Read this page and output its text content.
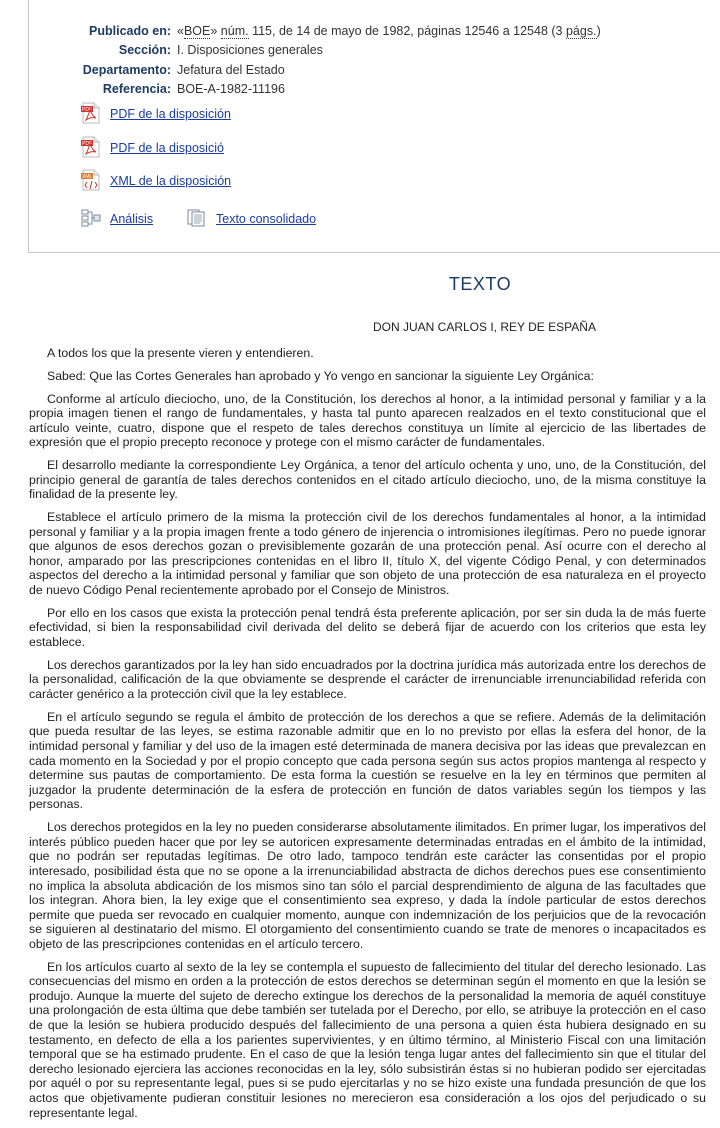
Publicado en: «BOE» núm. 115, de 14 de mayo de 1982, páginas 12546 a 12548 (3 págs.)
Sección: I. Disposiciones generales
Departamento: Jefatura del Estado
Referencia: BOE-A-1982-11196
PDF PDF de la disposición
PDF PDF de la disposició
XML XML de la disposición
Análisis	Texto consolidado
TEXTO
DON JUAN CARLOS I, REY DE ESPAÑA

A todos los que la presente vieren y entendieren.

Sabed: Que las Cortes Generales han aprobado y Yo vengo en sancionar la siguiente Ley Orgánica:

Conforme al artículo dieciocho, uno, de la Constitución, los derechos al honor, a la intimidad personal y familiar y a la propia imagen tienen el rango de fundamentales, y hasta tal punto aparecen realzados en el texto constitucional que el artículo veinte, cuatro, dispone que el respeto de tales derechos constituya un límite al ejercicio de las libertades de expresión que el propio precepto reconoce y protege con el mismo carácter de fundamentales.

El desarrollo mediante la correspondiente Ley Orgánica, a tenor del artículo ochenta y uno, uno, de la Constitución, del principio general de garantía de tales derechos contenidos en el citado artículo dieciocho, uno, de la misma constituye la finalidad de la presente ley.

Establece el artículo primero de la misma la protección civil de los derechos fundamentales al honor, a la intimidad personal y familiar y a la propia imagen frente a todo género de injerencia o intromisiones ilegítimas. Pero no puede ignorar que algunos de esos derechos gozan o previsiblemente gozarán de una protección penal. Así ocurre con el derecho al honor, amparado por las prescripciones contenidas en el libro II, título X, del vigente Código Penal, y con determinados aspectos del derecho a la intimidad personal y familiar que son objeto de una protección de esa naturaleza en el proyecto de nuevo Código Penal recientemente aprobado por el Consejo de Ministros.

Por ello en los casos que exista la protección penal tendrá ésta preferente aplicación, por ser sin duda la de más fuerte efectividad, si bien la responsabilidad civil derivada del delito se deberá fijar de acuerdo con los criterios que esta ley establece.

Los derechos garantizados por la ley han sido encuadrados por la doctrina jurídica más autorizada entre los derechos de la personalidad, calificación de la que obviamente se desprende el carácter de irrenunciable irrenunciabilidad referida con carácter genérico a la protección civil que la ley establece.

En el artículo segundo se regula el ámbito de protección de los derechos a que se refiere. Además de la delimitación que pueda resultar de las leyes, se estima razonable admitir que en lo no previsto por ellas la esfera del honor, de la intimidad personal y familiar y del uso de la imagen esté determinada de manera decisiva por las ideas que prevalezcan en cada momento en la Sociedad y por el propio concepto que cada persona según sus actos propios mantenga al respecto y determine sus pautas de comportamiento. De esta forma la cuestión se resuelve en la ley en términos que permiten al juzgador la prudente determinación de la esfera de protección en función de datos variables según los tiempos y las personas.

Los derechos protegidos en la ley no pueden considerarse absolutamente ilimitados. En primer lugar, los imperativos del interés público pueden hacer que por ley se autoricen expresamente determinadas entradas en el ámbito de la intimidad, que no podrán ser reputadas legítimas. De otro lado, tampoco tendrán este carácter las consentidas por el propio interesado, posibilidad ésta que no se opone a la irrenunciabilidad abstracta de dichos derechos pues ese consentimiento no implica la absoluta abdicación de los mismos sino tan sólo el parcial desprendimiento de alguna de las facultades que los integran. Ahora bien, la ley exige que el consentimiento sea expreso, y dada la índole particular de estos derechos permite que pueda ser revocado en cualquier momento, aunque con indemnización de los perjuicios que de la revocación se siguieren al destinatario del mismo. El otorgamiento del consentimiento cuando se trate de menores o incapacitados es objeto de las prescripciones contenidas en el artículo tercero.

En los artículos cuarto al sexto de la ley se contempla el supuesto de fallecimiento del titular del derecho lesionado. Las consecuencias del mismo en orden a la protección de estos derechos se determinan según el momento en que la lesión se produjo. Aunque la muerte del sujeto de derecho extingue los derechos de la personalidad la memoria de aquél constituye una prolongación de esta última que debe también ser tutelada por el Derecho, por ello, se atribuye la protección en el caso de que la lesión se hubiera producido después del fallecimiento de una persona a quien ésta hubiera designado en su testamento, en defecto de ella a los parientes supervivientes, y en último término, al Ministerio Fiscal con una limitación temporal que se ha estimado prudente. En el caso de que la lesión tenga lugar antes del fallecimiento sin que el titular del derecho lesionado ejerciera las acciones reconocidas en la ley, sólo subsistirán éstas si no hubieran podido ser ejercitadas por aquél o por su representante legal, pues si se pudo ejercitarlas y no se hizo existe una fundada presunción de que los actos que objetivamente pudieran constituir lesiones no merecieron esa consideración a los ojos del perjudicado o su representante legal.
